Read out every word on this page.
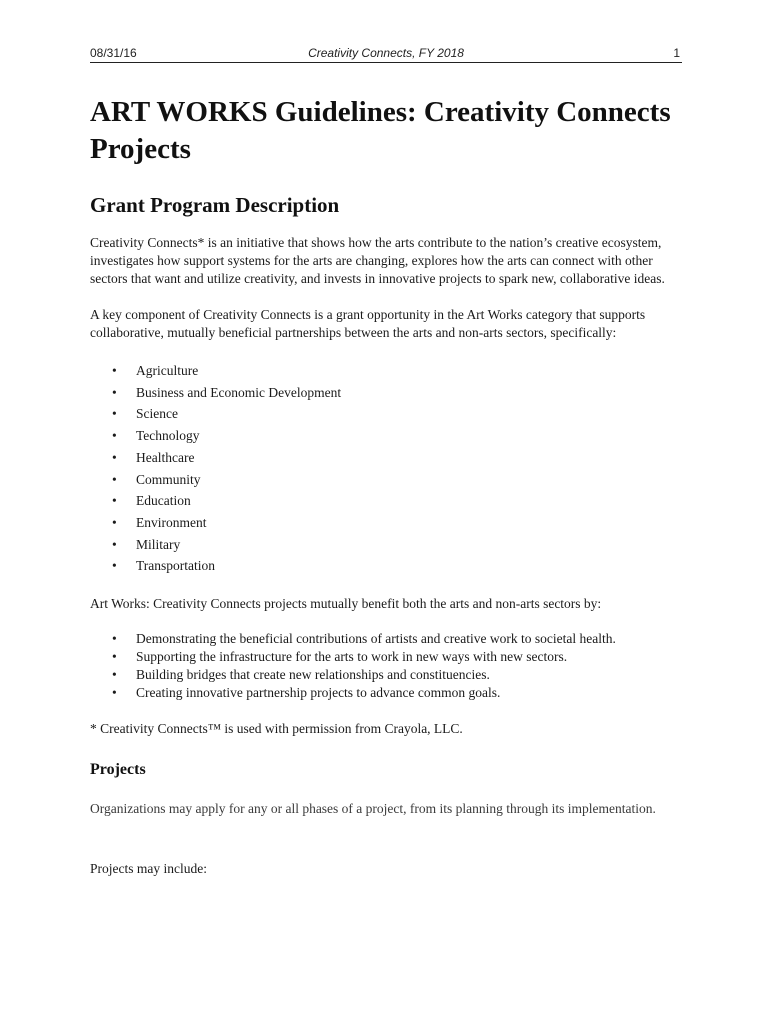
08/31/16	Creativity Connects, FY 2018	1
ART WORKS Guidelines: Creativity Connects Projects
Grant Program Description

Creativity Connects* is an initiative that shows how the arts contribute to the nation’s creative ecosystem, investigates how support systems for the arts are changing, explores how the arts can connect with other sectors that want and utilize creativity, and invests in innovative projects to spark new, collaborative ideas.

A key component of Creativity Connects is a grant opportunity in the Art Works category that supports collaborative, mutually beneficial partnerships between the arts and non-arts sectors, specifically:

• Agriculture
• Business and Economic Development
• Science
• Technology
• Healthcare
• Community
• Education
• Environment
• Military
• Transportation

Art Works: Creativity Connects projects mutually benefit both the arts and non-arts sectors by:

• Demonstrating the beneficial contributions of artists and creative work to societal health.
• Supporting the infrastructure for the arts to work in new ways with new sectors.
• Building bridges that create new relationships and constituencies.
• Creating innovative partnership projects to advance common goals.

* Creativity Connects™ is used with permission from Crayola, LLC.

Projects

Organizations may apply for any or all phases of a project, from its planning through its implementation.

Projects may include:
